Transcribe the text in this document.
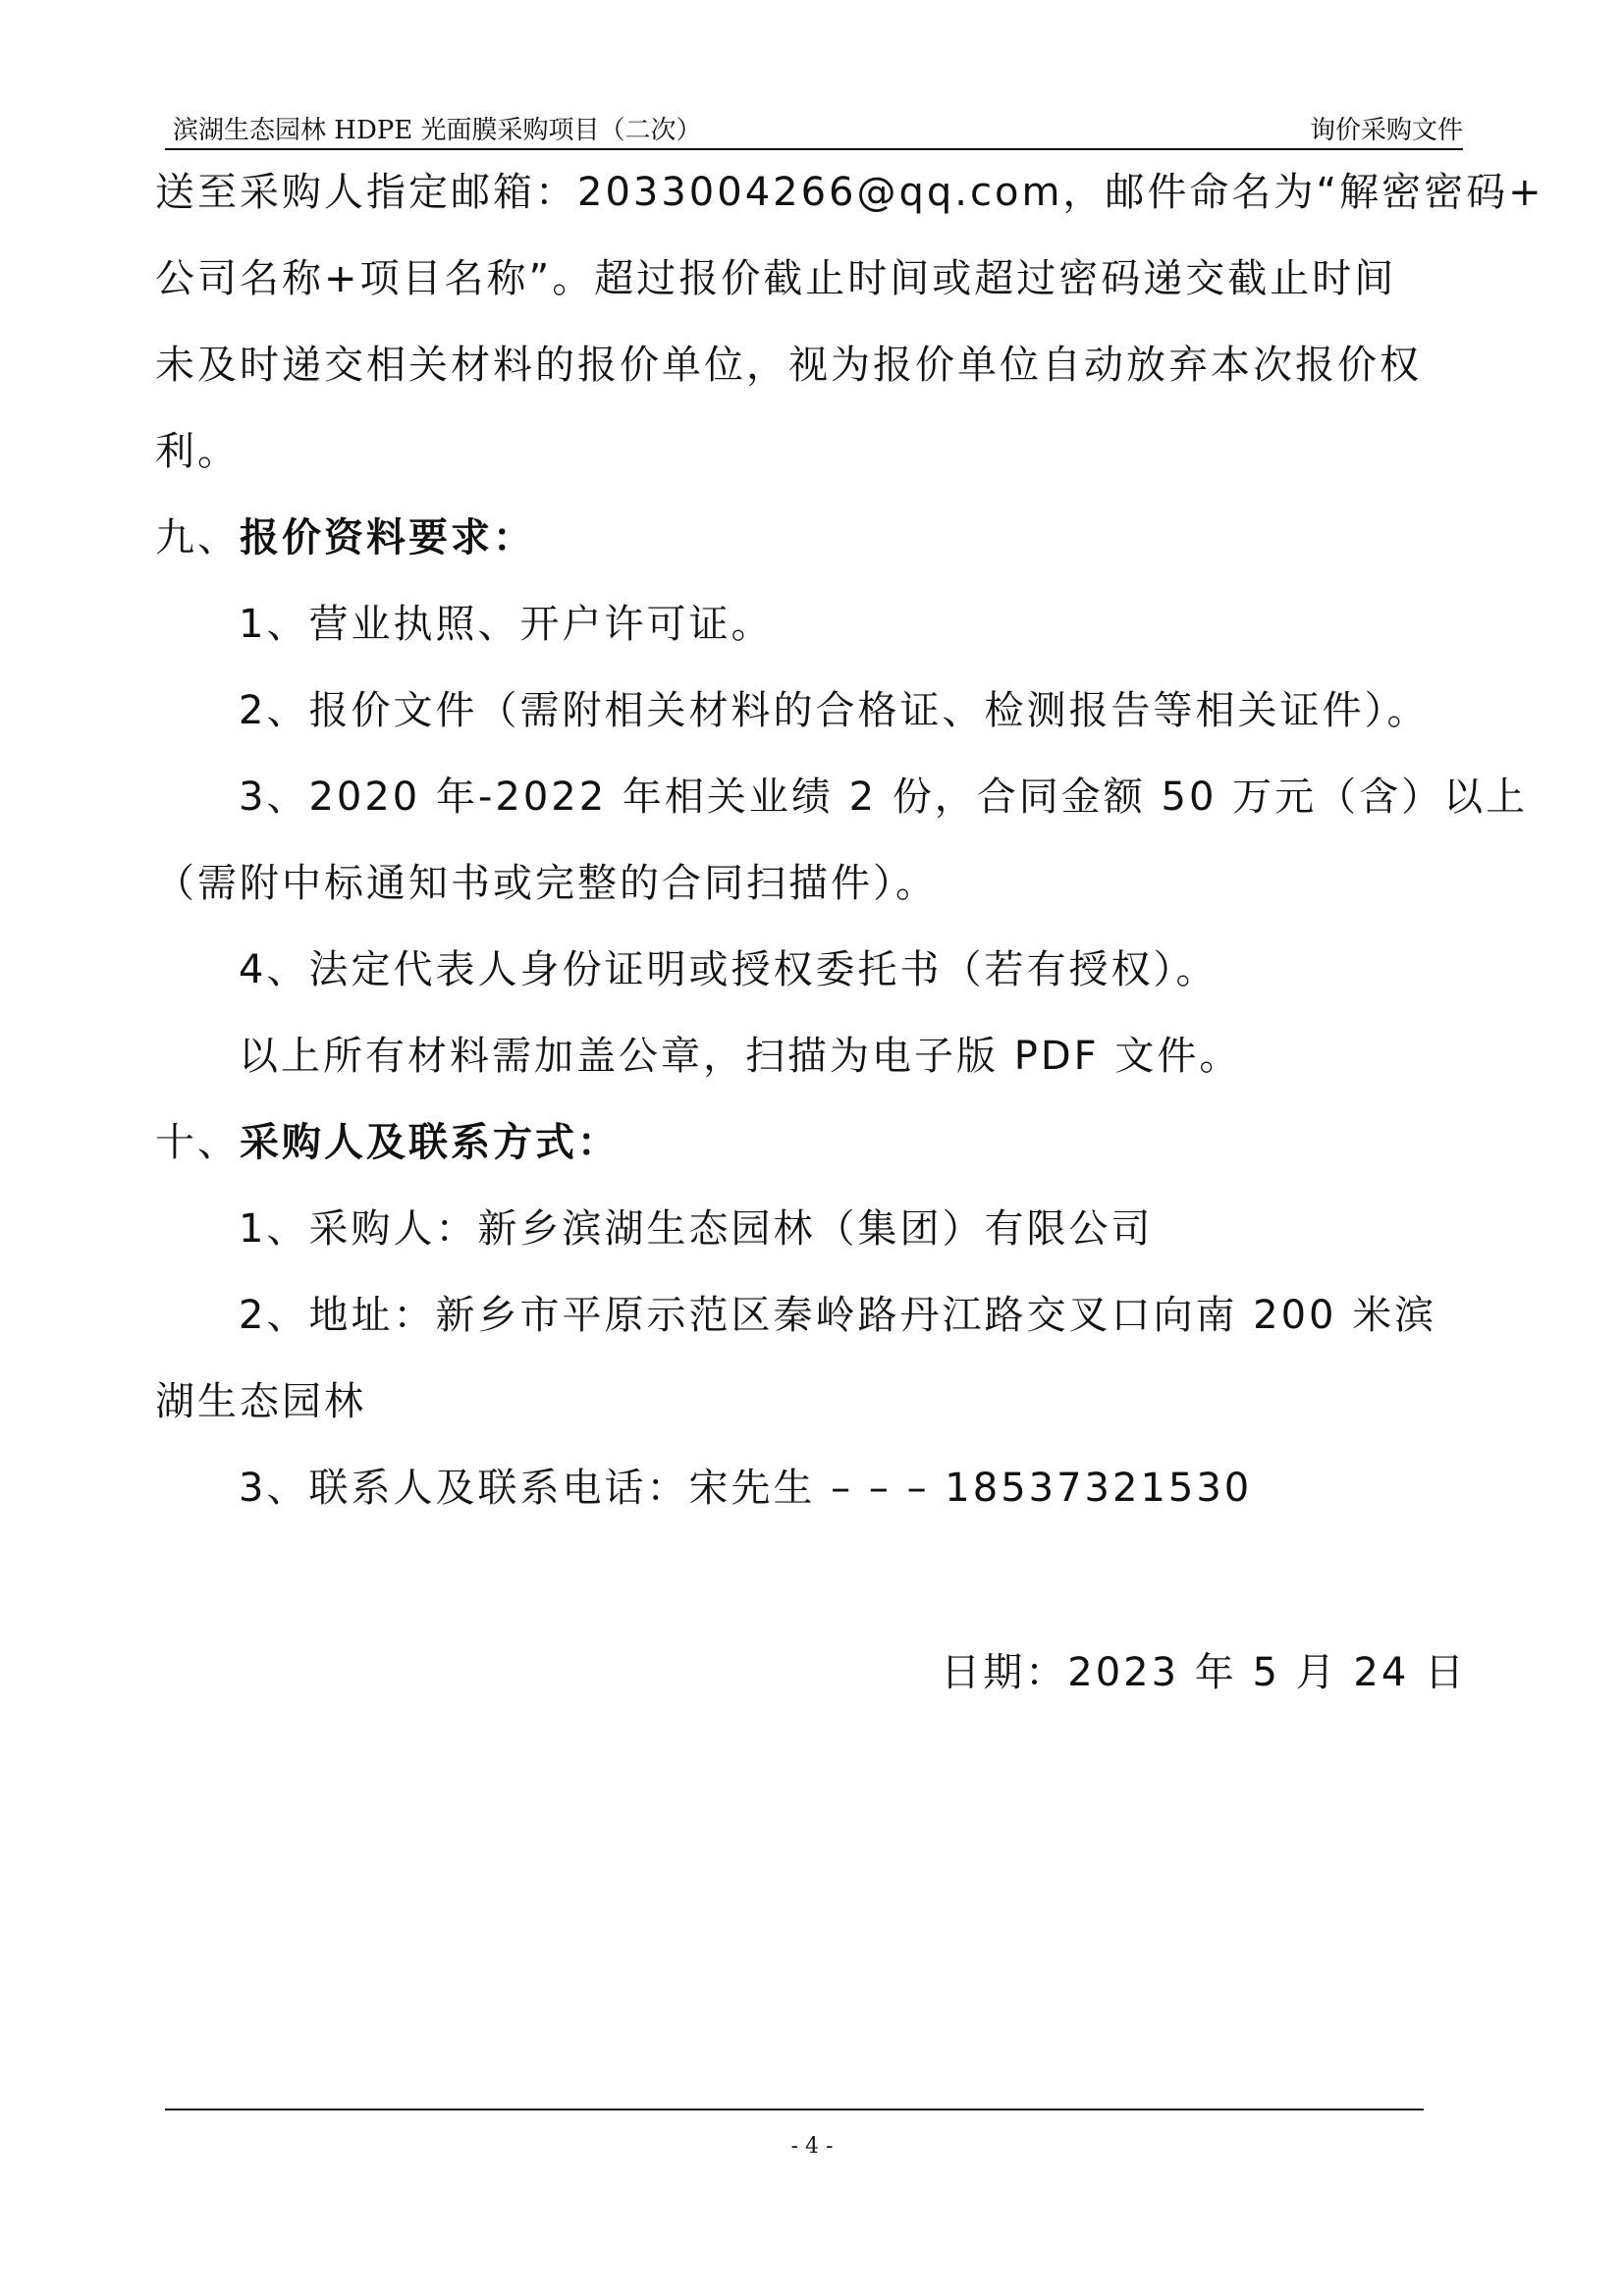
滨湖生态园林 HDPE 光面膜采购项目（二次）	询价采购文件

送至采购人指定邮箱：2033004266@qq.com，邮件命名为“解密密码+

公司名称+项目名称”。超过报价截止时间或超过密码递交截止时间

未及时递交相关材料的报价单位，视为报价单位自动放弃本次报价权

利。

九、报价资料要求：

1、营业执照、开户许可证。

2、报价文件（需附相关材料的合格证、检测报告等相关证件）。

3、2020 年-2022 年相关业绩 2 份，合同金额 50 万元（含）以上

（需附中标通知书或完整的合同扫描件）。

4、法定代表人身份证明或授权委托书（若有授权）。

以上所有材料需加盖公章，扫描为电子版 PDF 文件。

十、采购人及联系方式：

1、采购人：新乡滨湖生态园林（集团）有限公司

2、地址：新乡市平原示范区秦岭路丹江路交叉口向南 200 米滨

湖生态园林

3、联系人及联系电话：宋先生 – – – 18537321530

日期：2023 年 5 月 24 日
- 4 -
